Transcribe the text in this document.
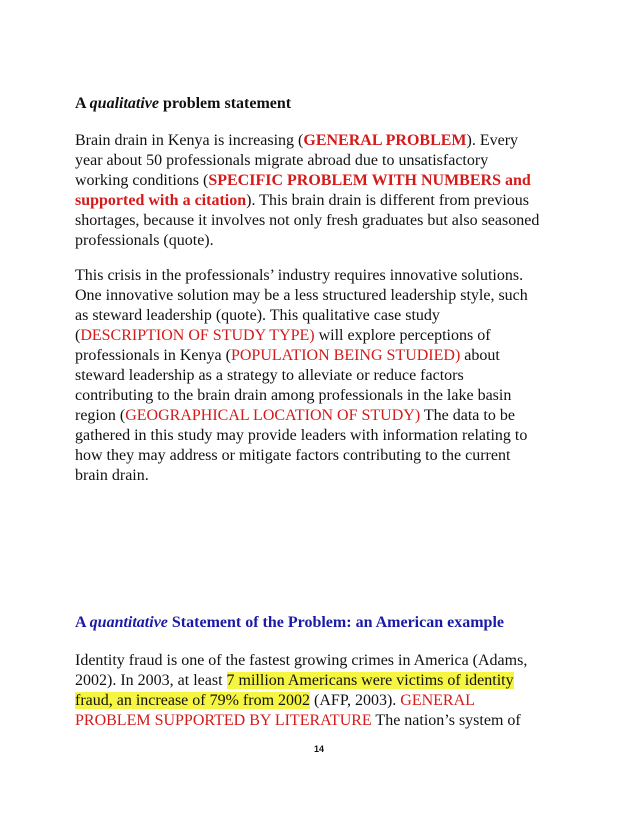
A qualitative problem statement
Brain drain in Kenya is increasing (GENERAL PROBLEM). Every
year about 50 professionals migrate abroad due to unsatisfactory
working conditions (SPECIFIC PROBLEM WITH NUMBERS and
supported with a citation). This brain drain is different from previous
shortages, because it involves not only fresh graduates but also seasoned
professionals (quote).
This crisis in the professionals’ industry requires innovative solutions.
One innovative solution may be a less structured leadership style, such
as steward leadership (quote). This qualitative case study
(DESCRIPTION OF STUDY TYPE) will explore perceptions of
professionals in Kenya (POPULATION BEING STUDIED) about
steward leadership as a strategy to alleviate or reduce factors
contributing to the brain drain among professionals in the lake basin
region (GEOGRAPHICAL LOCATION OF STUDY) The data to be
gathered in this study may provide leaders with information relating to
how they may address or mitigate factors contributing to the current
brain drain.
A quantitative Statement of the Problem: an American example
Identity fraud is one of the fastest growing crimes in America (Adams,
2002). In 2003, at least 7 million Americans were victims of identity
fraud, an increase of 79% from 2002 (AFP, 2003). GENERAL
PROBLEM SUPPORTED BY LITERATURE The nation’s system of
14
